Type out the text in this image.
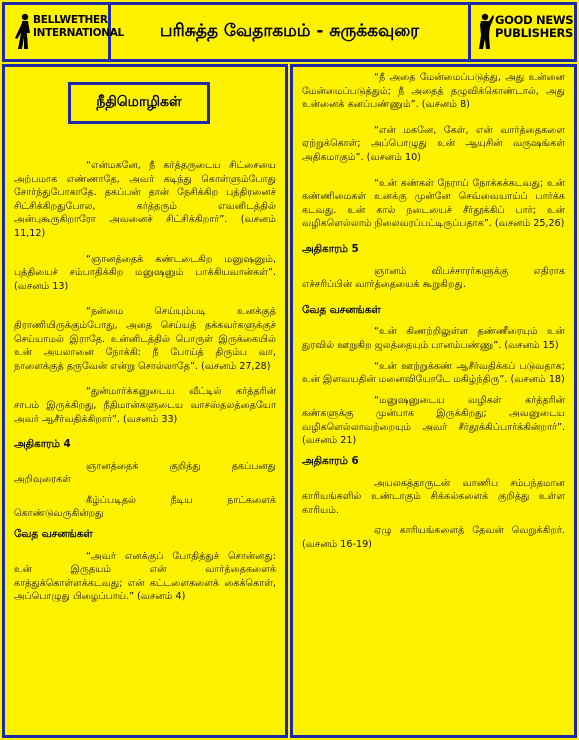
BELLWETHER INTERNATIONAL	பரிசுத்த வேதாகமம் - சுருக்கவுரை
GOOD NEWS PUBLISHERS
நீதிமொழிகள்

“என்மகனே, நீ கர்த்தருடைய சிட்சையை அற்பமாக எண்ணாதே, அவர் கடிந்து கொள்ளும்போது சோர்ந்துபோகாதே. தகப்பன் தான் நேசிக்கிற புத்திரனைச் சிட்சிக்கிறதுபோல, கர்த்தரும் எவனிடத்தில் அன்புகூருகிறாரோ அவனைச் சிட்சிக்கிறார்”. (வசனம் 11,12)

“ஞானத்தைக் கண்டடைகிற மனுஷனும், புத்தியைச் சம்பாதிக்கிற மனுஷனும் பாக்கியவான்கள்”. (வசனம் 13)

“நன்மை செய்யும்படி உனக்குத் திராணியிருக்கும்போது, அதை செய்யத் தக்கவர்களுக்குச் செய்யாமல் இராதே. உன்னிடத்தில் பொருள் இருக்கையில் உன் அயலானை நோக்கி: நீ போய்த் திரும்ப வா, நாளைக்குத் தருவேன் என்று சொல்லாதே”. (வசனம் 27,28)

“துன்மார்க்கனுடைய வீட்டில் கர்த்தரின் சாபம் இருக்கிறது, நீதிமான்களுடைய வாசஸ்தலத்தையோ அவர் ஆசீர்வதிக்கிறார்”. (வசனம் 33)

அதிகாரம் 4

ஞானத்தைக் குறித்து தகப்பனது அறிவுரைகள்

கீழ்ப்படிதல் நீடிய நாட்களைக் கொண்டுவருகின்றது

வேத வசனங்கள்

“அவர் எனக்குப் போதித்துச் சொன்னது: உன் இருதயம் என் வார்த்தைகளைக் காத்துக்கொள்ளக்கடவது; என் கட்டளைகளைக் கைக்கொள், அப்பொழுது பிழைப்பாய்.” (வசனம் 4)

“நீ அதை மேன்மைப்படுத்து, அது உன்னை மேன்மைப்படுத்தும்; நீ அதைத் தழுவிக்கொண்டால், அது உன்னைக் கனப்பண்ணும்”. (வசனம் 8)

“என் மகனே, கேள், என் வார்த்தைகளை ஏற்றுக்கொள்; அப்பொழுது உன் ஆயுசின் வருஷங்கள் அதிகமாகும்”. (வசனம் 10)

“உன் கண்கள் நேராய் நோக்கக்கடவது; உன் கண்ணிமைகள் உனக்கு முன்னே செவ்வையாய்ப் பார்க்க கடவது. உன் கால் நடையைச் சீர்தூக்கிப் பார்; உன் வழிகளெல்லாம் நிலைவரப்பட்டிருப்பதாக”. (வசனம் 25,26)

அதிகாரம் 5

ஞானம் விபச்சாரர்களுக்கு எதிராக எச்சரிப்பின் வார்த்தையைக் கூறுகிறது.

வேத வசனங்கள்

“உன் கிணற்றிலுள்ள தண்ணீரையும் உன் துரவில் ஊறுகிற ஜலத்தையும் பானம்பண்ணு”. (வசனம் 15)

“உன் ஊற்றுக்கண் ஆசீர்வதிக்கப் படுவதாக; உன் இளவயதின் மனைவியோடே மகிழ்ந்திரு”. (வசனம் 18)

“மனுஷனுடைய வழிகள் கர்த்தரின் கண்களுக்கு முன்பாக இருக்கிறது; அவனுடைய வழிகளெல்லாவற்றையும் அவர் சீர்தூக்கிப்பார்க்கின்றார்”. (வசனம் 21)

அதிகாரம் 6

அயலகத்தாருடன் வாணிப சம்பந்தமான காரியங்களில் உண்டாகும் சிக்கல்களைக் குறித்து உள்ள காரியம்.

ஏழு காரியங்களைத் தேவன் வெறுக்கிறர். (வசனம் 16-19)
